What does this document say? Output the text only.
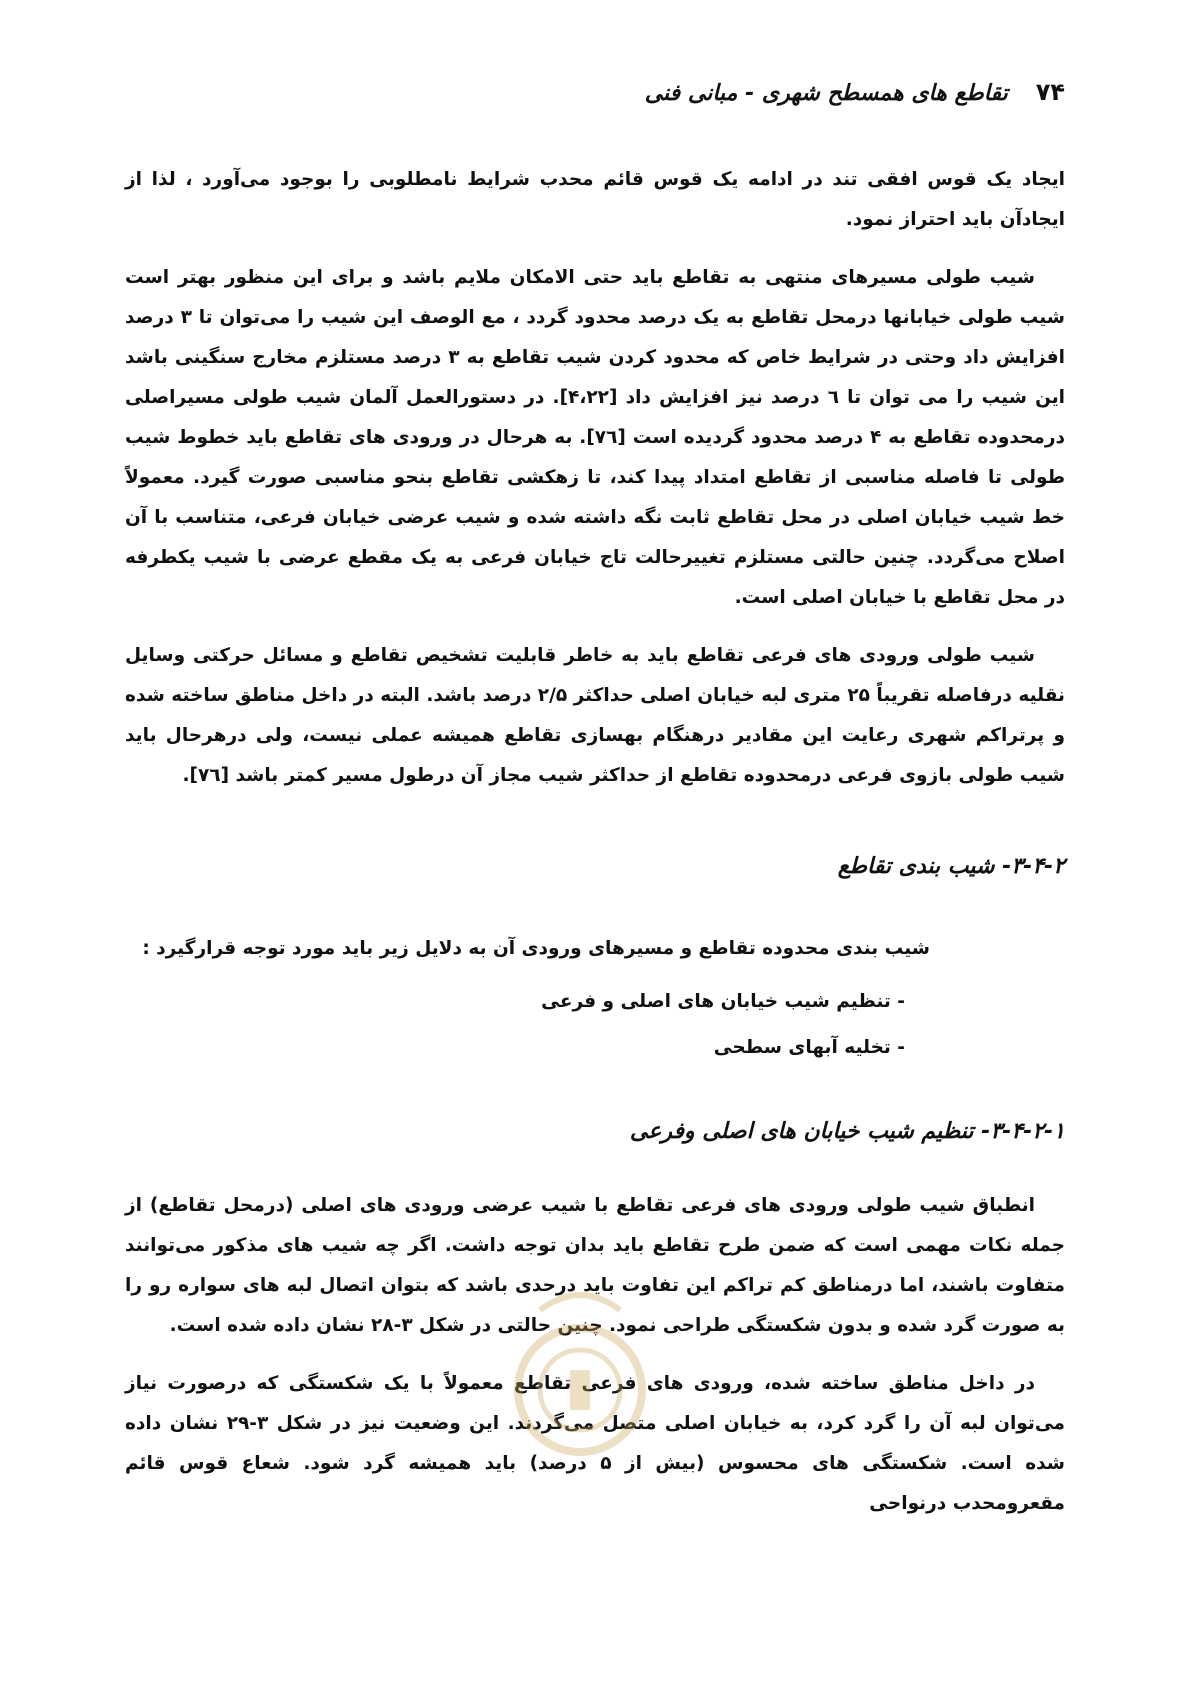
۷۴
تقاطع های همسطح شهری - مبانی فنی

ایجاد یک قوس افقی تند در ادامه یک قوس قائم محدب شرایط نامطلوبی را بوجود می‌آورد ، لذا از ایجادآن باید احتراز نمود.

شیب طولی مسیرهای منتهی به تقاطع باید حتی الامکان ملایم باشد و برای این منظور بهتر است شیب طولی خیابانها درمحل تقاطع به یک درصد محدود گردد ، مع الوصف این شیب را می‌توان تا ۳ درصد افزایش داد وحتی در شرایط خاص که محدود کردن شیب تقاطع به ۳ درصد مستلزم مخارج سنگینی باشد این شیب را می توان تا ٦ درصد نیز افزایش داد [۴،۲۲]. در دستورالعمل آلمان شیب طولی مسیراصلی درمحدوده تقاطع به ۴ درصد محدود گردیده است [۷٦]. به هرحال در ورودی های تقاطع باید خطوط شیب طولی تا فاصله مناسبی از تقاطع امتداد پیدا کند، تا زهکشی تقاطع بنحو مناسبی صورت گیرد. معمولاً خط شیب خیابان اصلی در محل تقاطع ثابت نگه داشته شده و شیب عرضی خیابان فرعی، متناسب با آن اصلاح می‌گردد. چنین حالتی مستلزم تغییرحالت تاج خیابان فرعی به یک مقطع عرضی با شیب یکطرفه در محل تقاطع با خیابان اصلی است.

شیب طولی ورودی های فرعی تقاطع باید به خاطر قابلیت تشخیص تقاطع و مسائل حرکتی وسایل نقلیه درفاصله تقریباً ۲۵ متری لبه خیابان اصلی حداکثر ۲/۵ درصد باشد. البته در داخل مناطق ساخته شده و پرتراکم شهری رعایت این مقادیر درهنگام بهسازی تقاطع همیشه عملی نیست، ولی درهرحال باید شیب طولی بازوی فرعی درمحدوده تقاطع از حداکثر شیب مجاز آن درطول مسیر کمتر باشد [۷٦].

۳-۴-۲- شیب بندی تقاطع
شیب بندی محدوده تقاطع و مسیرهای ورودی آن به دلایل زیر باید مورد توجه قرارگیرد :
- تنظیم شیب خیابان های اصلی و فرعی
- تخلیه آبهای سطحی
۳-۴-۲-۱- تنظیم شیب خیابان های اصلی وفرعی

انطباق شیب طولی ورودی های فرعی تقاطع با شیب عرضی ورودی های اصلی (درمحل تقاطع) از جمله نکات مهمی است که ضمن طرح تقاطع باید بدان توجه داشت. اگر چه شیب های مذکور می‌توانند متفاوت باشند، اما درمناطق کم تراکم این تفاوت باید درحدی باشد که بتوان اتصال لبه های سواره رو را به صورت گرد شده و بدون شکستگی طراحی نمود. چنین حالتی در شکل ۳-۲۸ نشان داده شده است.

در داخل مناطق ساخته شده، ورودی های فرعی تقاطع معمولاً با یک شکستگی که درصورت نیاز می‌توان لبه آن را گرد کرد، به خیابان اصلی متصل می‌گردند. این وضعیت نیز در شکل ۳-۲۹ نشان داده شده است. شکستگی های محسوس (بیش از ۵ درصد) باید همیشه گرد شود. شعاع قوس قائم مقعرومحدب درنواحی
